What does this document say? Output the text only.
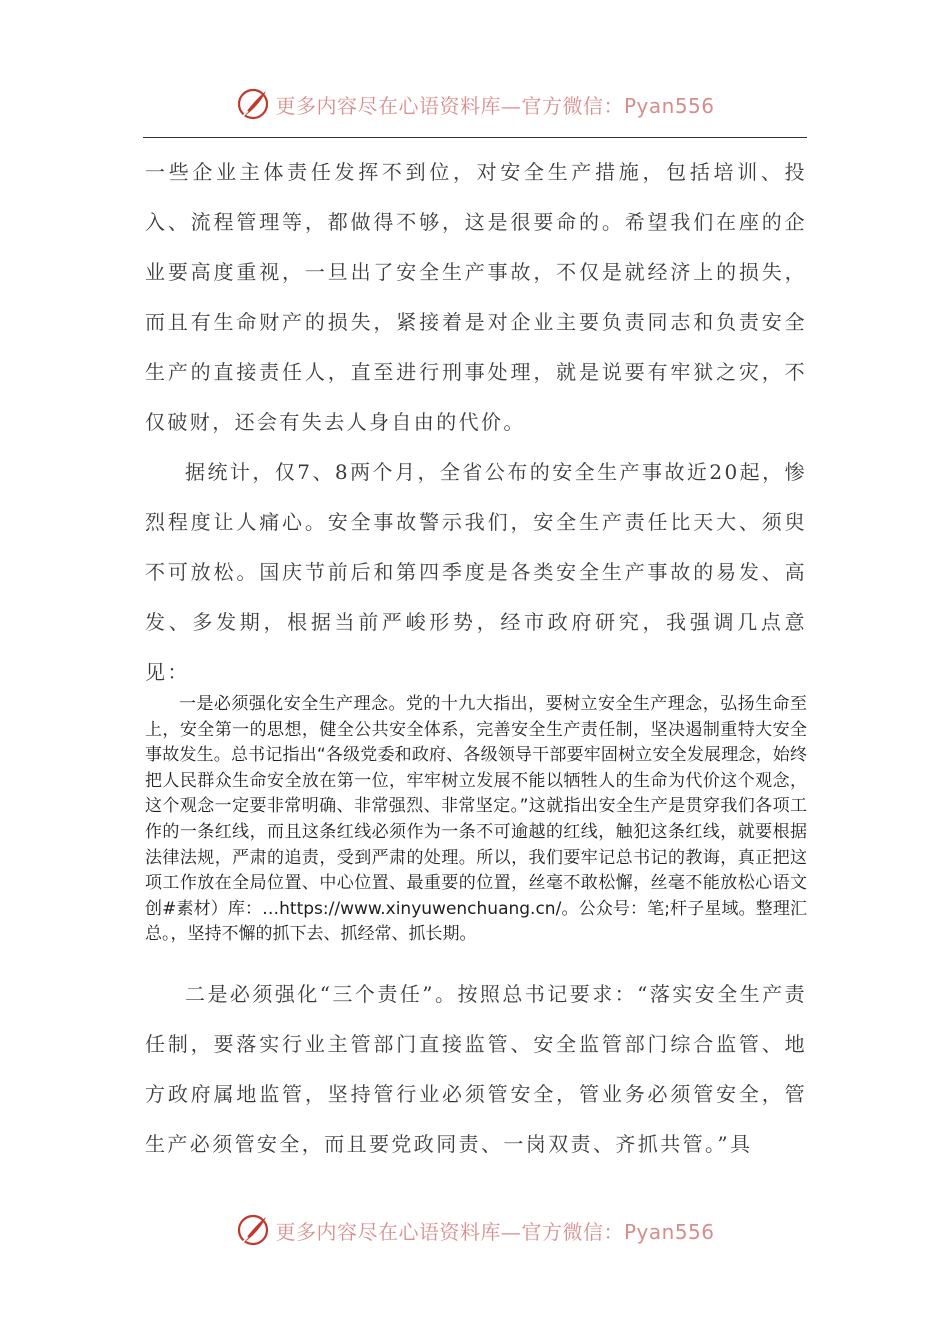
更多内容尽在心语资料库—官方微信：Pyan556

一些企业主体责任发挥不到位，对安全生产措施，包括培训、投入、流程管理等，都做得不够，这是很要命的。希望我们在座的企业要高度重视，一旦出了安全生产事故，不仅是就经济上的损失，而且有生命财产的损失，紧接着是对企业主要负责同志和负责安全生产的直接责任人，直至进行刑事处理，就是说要有牢狱之灾，不仅破财，还会有失去人身自由的代价。

据统计，仅7、8两个月，全省公布的安全生产事故近20起，惨烈程度让人痛心。安全事故警示我们，安全生产责任比天大、须臾不可放松。国庆节前后和第四季度是各类安全生产事故的易发、高发、多发期，根据当前严峻形势，经市政府研究，我强调几点意见：

一是必须强化安全生产理念。党的十九大指出，要树立安全生产理念，弘扬生命至上，安全第一的思想，健全公共安全体系，完善安全生产责任制，坚决遏制重特大安全事故发生。总书记指出“各级党委和政府、各级领导干部要牢固树立安全发展理念，始终把人民群众生命安全放在第一位，牢牢树立发展不能以牺牲人的生命为代价这个观念，这个观念一定要非常明确、非常强烈、非常坚定。”这就指出安全生产是贯穿我们各项工作的一条红线，而且这条红线必须作为一条不可逾越的红线，触犯这条红线，就要根据法律法规，严肃的追责，受到严肃的处理。所以，我们要牢记总书记的教诲，真正把这项工作放在全局位置、中心位置、最重要的位置，丝毫不敢松懈，丝毫不能放松心语文创#素材）库：…https://www.xinyuwenchuang.cn/。公众号：笔;杆子星域。整理汇总。，坚持不懈的抓下去、抓经常、抓长期。

二是必须强化“三个责任”。按照总书记要求：“落实安全生产责任制，要落实行业主管部门直接监管、安全监管部门综合监管、地方政府属地监管，坚持管行业必须管安全，管业务必须管安全，管生产必须管安全，而且要党政同责、一岗双责、齐抓共管。”具

更多内容尽在心语资料库—官方微信：Pyan556
